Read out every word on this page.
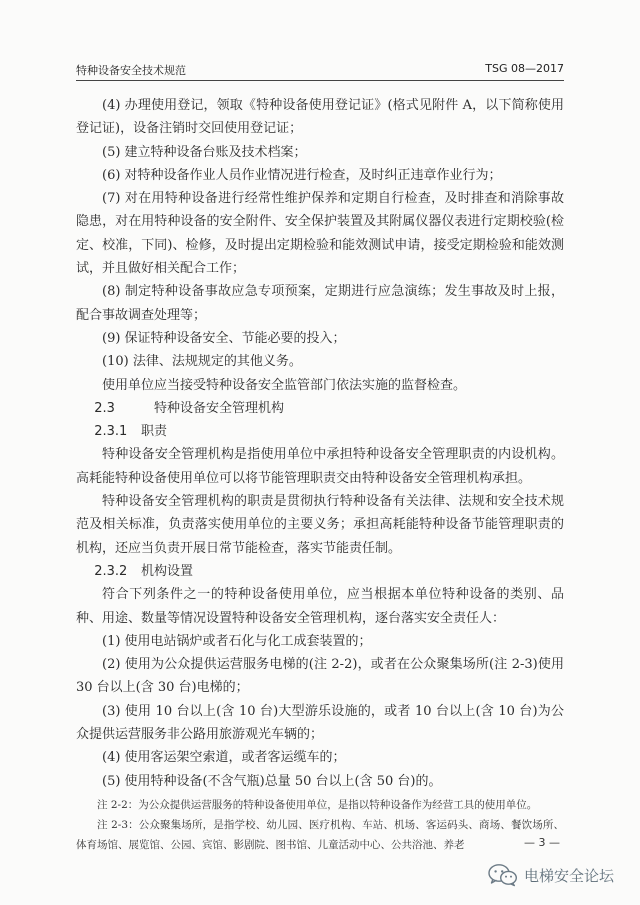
特种设备安全技术规范	TSG 08—2017

(4) 办理使用登记，领取《特种设备使用登记证》(格式见附件 A，以下简称使用登记证)，设备注销时交回使用登记证；

(5) 建立特种设备台账及技术档案；

(6) 对特种设备作业人员作业情况进行检查，及时纠正违章作业行为；

(7) 对在用特种设备进行经常性维护保养和定期自行检查，及时排查和消除事故隐患，对在用特种设备的安全附件、安全保护装置及其附属仪器仪表进行定期校验(检定、校准，下同)、检修，及时提出定期检验和能效测试申请，接受定期检验和能效测试，并且做好相关配合工作；

(8) 制定特种设备事故应急专项预案，定期进行应急演练；发生事故及时上报，配合事故调查处理等；

(9) 保证特种设备安全、节能必要的投入；

(10) 法律、法规规定的其他义务。

使用单位应当接受特种设备安全监管部门依法实施的监督检查。

2.3	特种设备安全管理机构

2.3.1 职责

特种设备安全管理机构是指使用单位中承担特种设备安全管理职责的内设机构。高耗能特种设备使用单位可以将节能管理职责交由特种设备安全管理机构承担。

特种设备安全管理机构的职责是贯彻执行特种设备有关法律、法规和安全技术规范及相关标准，负责落实使用单位的主要义务；承担高耗能特种设备节能管理职责的机构，还应当负责开展日常节能检查，落实节能责任制。

2.3.2 机构设置

符合下列条件之一的特种设备使用单位，应当根据本单位特种设备的类别、品种、用途、数量等情况设置特种设备安全管理机构，逐台落实安全责任人：

(1) 使用电站锅炉或者石化与化工成套装置的；

(2) 使用为公众提供运营服务电梯的(注 2-2)，或者在公众聚集场所(注 2-3)使用 30 台以上(含 30 台)电梯的；

(3) 使用 10 台以上(含 10 台)大型游乐设施的，或者 10 台以上(含 10 台)为公众提供运营服务非公路用旅游观光车辆的；

(4) 使用客运架空索道，或者客运缆车的；

(5) 使用特种设备(不含气瓶)总量 50 台以上(含 50 台)的。

注 2-2：为公众提供运营服务的特种设备使用单位，是指以特种设备作为经营工具的使用单位。

注 2-3：公众聚集场所，是指学校、幼儿园、医疗机构、车站、机场、客运码头、商场、餐饮场所、体育场馆、展览馆、公园、宾馆、影剧院、图书馆、儿童活动中心、公共浴池、养老	— 3 —
电梯安全论坛
